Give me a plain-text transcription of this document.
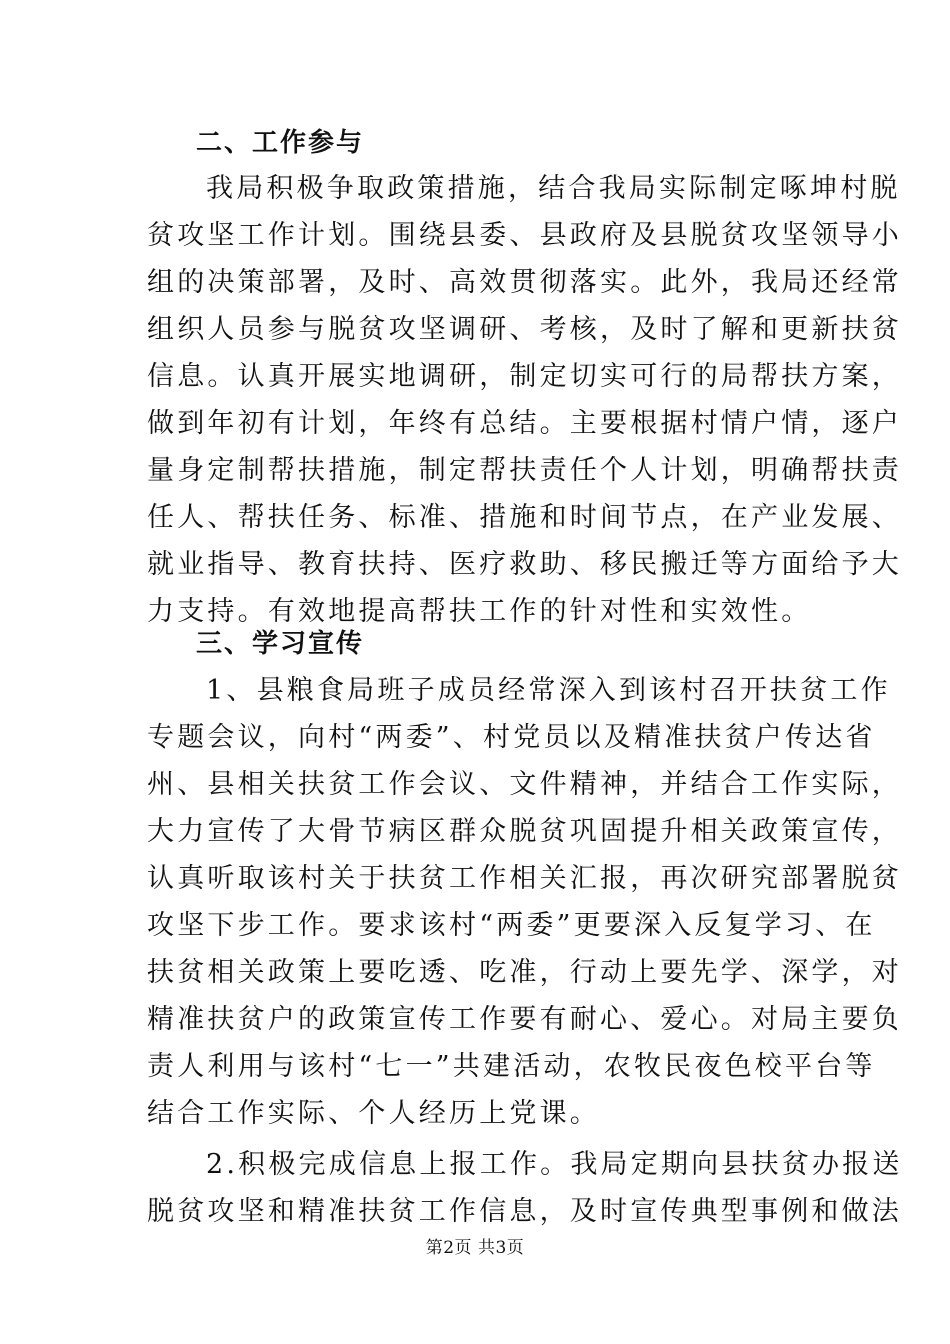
二、工作参与
我局积极争取政策措施，结合我局实际制定啄坤村脱
贫攻坚工作计划。围绕县委、县政府及县脱贫攻坚领导小
组的决策部署，及时、高效贯彻落实。此外，我局还经常
组织人员参与脱贫攻坚调研、考核，及时了解和更新扶贫
信息。认真开展实地调研，制定切实可行的局帮扶方案，
做到年初有计划，年终有总结。主要根据村情户情，逐户
量身定制帮扶措施，制定帮扶责任个人计划，明确帮扶责
任人、帮扶任务、标准、措施和时间节点，在产业发展、
就业指导、教育扶持、医疗救助、移民搬迁等方面给予大
力支持。有效地提高帮扶工作的针对性和实效性。
三、学习宣传
1、县粮食局班子成员经常深入到该村召开扶贫工作
专题会议，向村“两委”、村党员以及精准扶贫户传达省
州、县相关扶贫工作会议、文件精神，并结合工作实际，
大力宣传了大骨节病区群众脱贫巩固提升相关政策宣传，
认真听取该村关于扶贫工作相关汇报，再次研究部署脱贫
攻坚下步工作。要求该村“两委”更要深入反复学习、在
扶贫相关政策上要吃透、吃准，行动上要先学、深学，对
精准扶贫户的政策宣传工作要有耐心、爱心。对局主要负
责人利用与该村“七一”共建活动，农牧民夜色校平台等
结合工作实际、个人经历上党课。
2.积极完成信息上报工作。我局定期向县扶贫办报送
脱贫攻坚和精准扶贫工作信息，及时宣传典型事例和做法
第2页 共3页
